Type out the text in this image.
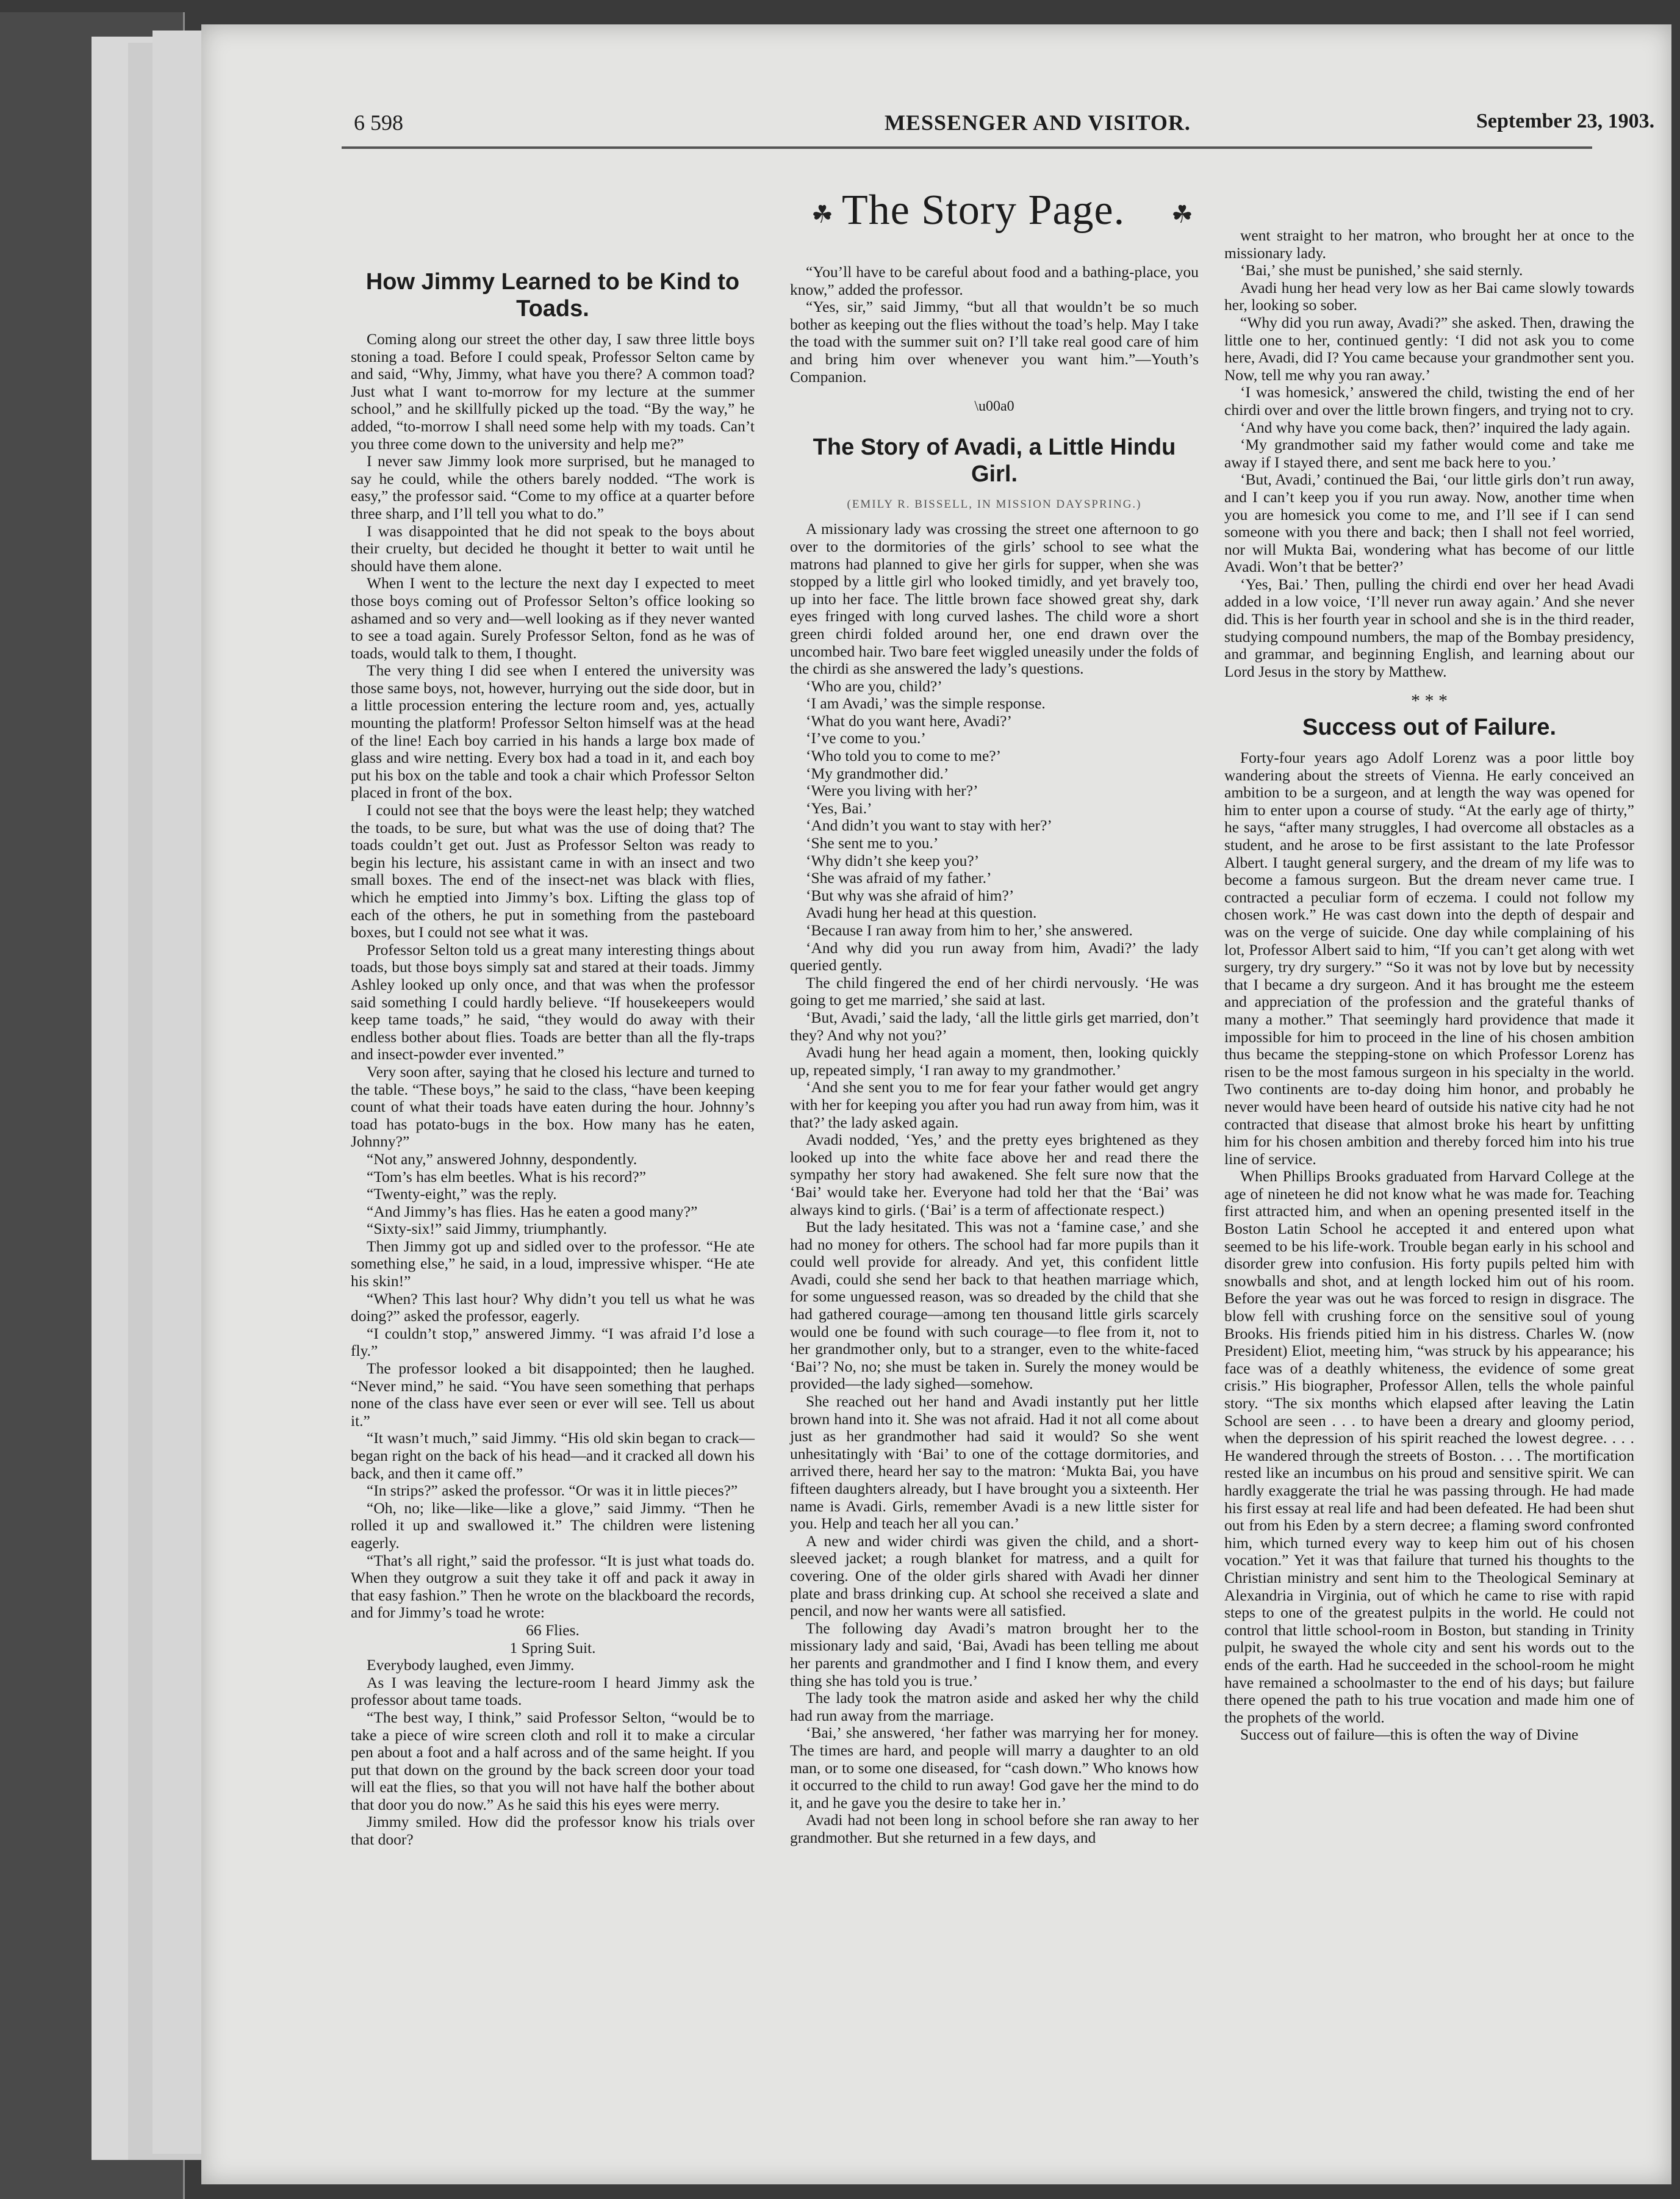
6 598	MESSENGER AND VISITOR.	September 23, 1903.
☘ The Story Page. ☘
How Jimmy Learned to be Kind to Toads.

Coming along our street the other day, I saw three little boys stoning a toad. Before I could speak, Professor Selton came by and said, “Why, Jimmy, what have you there? A common toad? Just what I want to-morrow for my lecture at the summer school,” and he skillfully picked up the toad. “By the way,” he added, “to-morrow I shall need some help with my toads. Can’t you three come down to the university and help me?”

I never saw Jimmy look more surprised, but he managed to say he could, while the others barely nodded. “The work is easy,” the professor said. “Come to my office at a quarter before three sharp, and I’ll tell you what to do.”

I was disappointed that he did not speak to the boys about their cruelty, but decided he thought it better to wait until he should have them alone.

When I went to the lecture the next day I expected to meet those boys coming out of Professor Selton’s office looking so ashamed and so very and—well looking as if they never wanted to see a toad again. Surely Professor Selton, fond as he was of toads, would talk to them, I thought.

The very thing I did see when I entered the university was those same boys, not, however, hurrying out the side door, but in a little procession entering the lecture room and, yes, actually mounting the platform! Professor Selton himself was at the head of the line! Each boy carried in his hands a large box made of glass and wire netting. Every box had a toad in it, and each boy put his box on the table and took a chair which Professor Selton placed in front of the box.

I could not see that the boys were the least help; they watched the toads, to be sure, but what was the use of doing that? The toads couldn’t get out. Just as Professor Selton was ready to begin his lecture, his assistant came in with an insect and two small boxes. The end of the insect-net was black with flies, which he emptied into Jimmy’s box. Lifting the glass top of each of the others, he put in something from the pasteboard boxes, but I could not see what it was.

Professor Selton told us a great many interesting things about toads, but those boys simply sat and stared at their toads. Jimmy Ashley looked up only once, and that was when the professor said something I could hardly believe. “If housekeepers would keep tame toads,” he said, “they would do away with their endless bother about flies. Toads are better than all the fly-traps and insect-powder ever invented.”

Very soon after, saying that he closed his lecture and turned to the table. “These boys,” he said to the class, “have been keeping count of what their toads have eaten during the hour. Johnny’s toad has potato-bugs in the box. How many has he eaten, Johnny?”

“Not any,” answered Johnny, despondently.

“Tom’s has elm beetles. What is his record?”

“Twenty-eight,” was the reply.

“And Jimmy’s has flies. Has he eaten a good many?”

“Sixty-six!” said Jimmy, triumphantly.

Then Jimmy got up and sidled over to the professor. “He ate something else,” he said, in a loud, impressive whisper. “He ate his skin!”

“When? This last hour? Why didn’t you tell us what he was doing?” asked the professor, eagerly.

“I couldn’t stop,” answered Jimmy. “I was afraid I’d lose a fly.”

The professor looked a bit disappointed; then he laughed. “Never mind,” he said. “You have seen something that perhaps none of the class have ever seen or ever will see. Tell us about it.”

“It wasn’t much,” said Jimmy. “His old skin began to crack—began right on the back of his head—and it cracked all down his back, and then it came off.”

“In strips?” asked the professor. “Or was it in little pieces?”

“Oh, no; like—like—like a glove,” said Jimmy. “Then he rolled it up and swallowed it.” The children were listening eagerly.

“That’s all right,” said the professor. “It is just what toads do. When they outgrow a suit they take it off and pack it away in that easy fashion.” Then he wrote on the blackboard the records, and for Jimmy’s toad he wrote:

66 Flies.

1 Spring Suit.

Everybody laughed, even Jimmy.

As I was leaving the lecture-room I heard Jimmy ask the professor about tame toads.

“The best way, I think,” said Professor Selton, “would be to take a piece of wire screen cloth and roll it to make a circular pen about a foot and a half across and of the same height. If you put that down on the ground by the back screen door your toad will eat the flies, so that you will not have half the bother about that door you do now.” As he said this his eyes were merry.

Jimmy smiled. How did the professor know his trials over that door?

“You’ll have to be careful about food and a bathing-place, you know,” added the professor.

“Yes, sir,” said Jimmy, “but all that wouldn’t be so much bother as keeping out the flies without the toad’s help. May I take the toad with the summer suit on? I’ll take real good care of him and bring him over whenever you want him.”—Youth’s Companion.

\u00a0
The Story of Avadi, a Little Hindu Girl.
(EMILY R. BISSELL, IN MISSION DAYSPRING.)

A missionary lady was crossing the street one afternoon to go over to the dormitories of the girls’ school to see what the matrons had planned to give her girls for supper, when she was stopped by a little girl who looked timidly, and yet bravely too, up into her face. The little brown face showed great shy, dark eyes fringed with long curved lashes. The child wore a short green chirdi folded around her, one end drawn over the uncombed hair. Two bare feet wiggled uneasily under the folds of the chirdi as she answered the lady’s questions.

‘Who are you, child?’

‘I am Avadi,’ was the simple response.

‘What do you want here, Avadi?’

‘I’ve come to you.’

‘Who told you to come to me?’

‘My grandmother did.’

‘Were you living with her?’

‘Yes, Bai.’

‘And didn’t you want to stay with her?’

‘She sent me to you.’

‘Why didn’t she keep you?’

‘She was afraid of my father.’

‘But why was she afraid of him?’

Avadi hung her head at this question.

‘Because I ran away from him to her,’ she answered.

‘And why did you run away from him, Avadi?’ the lady queried gently.

The child fingered the end of her chirdi nervously. ‘He was going to get me married,’ she said at last.

‘But, Avadi,’ said the lady, ‘all the little girls get married, don’t they? And why not you?’

Avadi hung her head again a moment, then, looking quickly up, repeated simply, ‘I ran away to my grandmother.’

‘And she sent you to me for fear your father would get angry with her for keeping you after you had run away from him, was it that?’ the lady asked again.

Avadi nodded, ‘Yes,’ and the pretty eyes brightened as they looked up into the white face above her and read there the sympathy her story had awakened. She felt sure now that the ‘Bai’ would take her. Everyone had told her that the ‘Bai’ was always kind to girls. (‘Bai’ is a term of affectionate respect.)

But the lady hesitated. This was not a ‘famine case,’ and she had no money for others. The school had far more pupils than it could well provide for already. And yet, this confident little Avadi, could she send her back to that heathen marriage which, for some unguessed reason, was so dreaded by the child that she had gathered courage—among ten thousand little girls scarcely would one be found with such courage—to flee from it, not to her grandmother only, but to a stranger, even to the white-faced ‘Bai’? No, no; she must be taken in. Surely the money would be provided—the lady sighed—somehow.

She reached out her hand and Avadi instantly put her little brown hand into it. She was not afraid. Had it not all come about just as her grandmother had said it would? So she went unhesitatingly with ‘Bai’ to one of the cottage dormitories, and arrived there, heard her say to the matron: ‘Mukta Bai, you have fifteen daughters already, but I have brought you a sixteenth. Her name is Avadi. Girls, remember Avadi is a new little sister for you. Help and teach her all you can.’

A new and wider chirdi was given the child, and a short-sleeved jacket; a rough blanket for matress, and a quilt for covering. One of the older girls shared with Avadi her dinner plate and brass drinking cup. At school she received a slate and pencil, and now her wants were all satisfied.

The following day Avadi’s matron brought her to the missionary lady and said, ‘Bai, Avadi has been telling me about her parents and grandmother and I find I know them, and every thing she has told you is true.’

The lady took the matron aside and asked her why the child had run away from the marriage.

‘Bai,’ she answered, ‘her father was marrying her for money. The times are hard, and people will marry a daughter to an old man, or to some one diseased, for “cash down.” Who knows how it occurred to the child to run away! God gave her the mind to do it, and he gave you the desire to take her in.’

Avadi had not been long in school before she ran away to her grandmother. But she returned in a few days, and

went straight to her matron, who brought her at once to the missionary lady.

‘Bai,’ she must be punished,’ she said sternly.

Avadi hung her head very low as her Bai came slowly towards her, looking so sober.

“Why did you run away, Avadi?” she asked. Then, drawing the little one to her, continued gently: ‘I did not ask you to come here, Avadi, did I? You came because your grandmother sent you. Now, tell me why you ran away.’

‘I was homesick,’ answered the child, twisting the end of her chirdi over and over the little brown fingers, and trying not to cry.

‘And why have you come back, then?’ inquired the lady again.

‘My grandmother said my father would come and take me away if I stayed there, and sent me back here to you.’

‘But, Avadi,’ continued the Bai, ‘our little girls don’t run away, and I can’t keep you if you run away. Now, another time when you are homesick you come to me, and I’ll see if I can send someone with you there and back; then I shall not feel worried, nor will Mukta Bai, wondering what has become of our little Avadi. Won’t that be better?’

‘Yes, Bai.’ Then, pulling the chirdi end over her head Avadi added in a low voice, ‘I’ll never run away again.’ And she never did. This is her fourth year in school and she is in the third reader, studying compound numbers, the map of the Bombay presidency, and grammar, and beginning English, and learning about our Lord Jesus in the story by Matthew.

* * *
Success out of Failure.

Forty-four years ago Adolf Lorenz was a poor little boy wandering about the streets of Vienna. He early conceived an ambition to be a surgeon, and at length the way was opened for him to enter upon a course of study. “At the early age of thirty,” he says, “after many struggles, I had overcome all obstacles as a student, and he arose to be first assistant to the late Professor Albert. I taught general surgery, and the dream of my life was to become a famous surgeon. But the dream never came true. I contracted a peculiar form of eczema. I could not follow my chosen work.” He was cast down into the depth of despair and was on the verge of suicide. One day while complaining of his lot, Professor Albert said to him, “If you can’t get along with wet surgery, try dry surgery.” “So it was not by love but by necessity that I became a dry surgeon. And it has brought me the esteem and appreciation of the profession and the grateful thanks of many a mother.” That seemingly hard providence that made it impossible for him to proceed in the line of his chosen ambition thus became the stepping-stone on which Professor Lorenz has risen to be the most famous surgeon in his specialty in the world. Two continents are to-day doing him honor, and probably he never would have been heard of outside his native city had he not contracted that disease that almost broke his heart by unfitting him for his chosen ambition and thereby forced him into his true line of service.

When Phillips Brooks graduated from Harvard College at the age of nineteen he did not know what he was made for. Teaching first attracted him, and when an opening presented itself in the Boston Latin School he accepted it and entered upon what seemed to be his life-work. Trouble began early in his school and disorder grew into confusion. His forty pupils pelted him with snowballs and shot, and at length locked him out of his room. Before the year was out he was forced to resign in disgrace. The blow fell with crushing force on the sensitive soul of young Brooks. His friends pitied him in his distress. Charles W. (now President) Eliot, meeting him, “was struck by his appearance; his face was of a deathly whiteness, the evidence of some great crisis.” His biographer, Professor Allen, tells the whole painful story. “The six months which elapsed after leaving the Latin School are seen . . . to have been a dreary and gloomy period, when the depression of his spirit reached the lowest degree. . . . He wandered through the streets of Boston. . . . The mortification rested like an incumbus on his proud and sensitive spirit. We can hardly exaggerate the trial he was passing through. He had made his first essay at real life and had been defeated. He had been shut out from his Eden by a stern decree; a flaming sword confronted him, which turned every way to keep him out of his chosen vocation.” Yet it was that failure that turned his thoughts to the Christian ministry and sent him to the Theological Seminary at Alexandria in Virginia, out of which he came to rise with rapid steps to one of the greatest pulpits in the world. He could not control that little school-room in Boston, but standing in Trinity pulpit, he swayed the whole city and sent his words out to the ends of the earth. Had he succeeded in the school-room he might have remained a schoolmaster to the end of his days; but failure there opened the path to his true vocation and made him one of the prophets of the world.

Success out of failure—this is often the way of Divine
